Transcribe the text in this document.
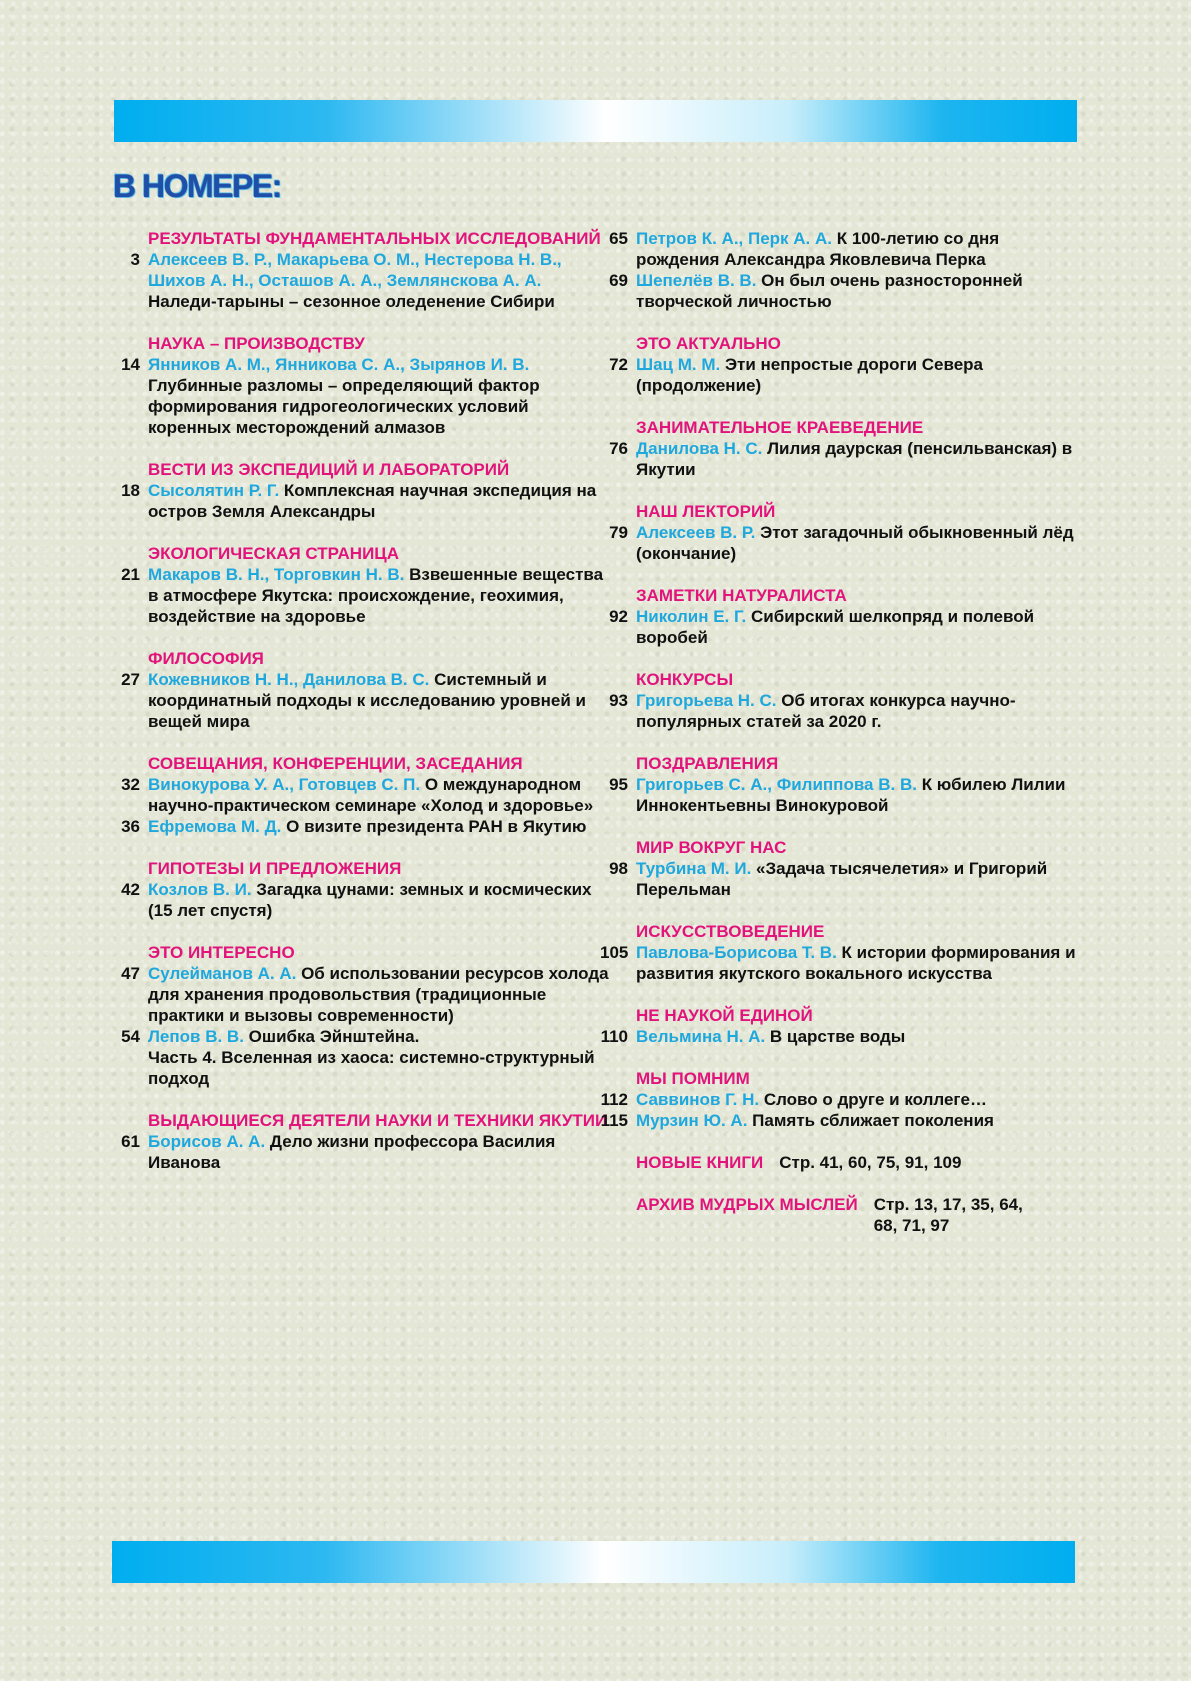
В НОМЕРЕ:
РЕЗУЛЬТАТЫ ФУНДАМЕНТАЛЬНЫХ ИССЛЕДОВАНИЙ
3 Алексеев В. Р., Макарьева О. М., Нестерова Н. В., Шихов А. Н., Осташов А. А., Землянскова А. А. Наледи-тарыны – сезонное оледенение Сибири
НАУКА – ПРОИЗВОДСТВУ
14 Янников А. М., Янникова С. А., Зырянов И. В. Глубинные разломы – определяющий фактор формирования гидрогеологических условий коренных месторождений алмазов
ВЕСТИ ИЗ ЭКСПЕДИЦИЙ И ЛАБОРАТОРИЙ
18 Сысолятин Р. Г. Комплексная научная экспедиция на остров Земля Александры
ЭКОЛОГИЧЕСКАЯ СТРАНИЦА
21 Макаров В. Н., Торговкин Н. В. Взвешенные вещества в атмосфере Якутска: происхождение, геохимия, воздействие на здоровье
ФИЛОСОФИЯ
27 Кожевников Н. Н., Данилова В. С. Системный и координатный подходы к исследованию уровней и вещей мира
СОВЕЩАНИЯ, КОНФЕРЕНЦИИ, ЗАСЕДАНИЯ
32 Винокурова У. А., Готовцев С. П. О международном научно-практическом семинаре «Холод и здоровье»
36 Ефремова М. Д. О визите президента РАН в Якутию
ГИПОТЕЗЫ И ПРЕДЛОЖЕНИЯ
42 Козлов В. И. Загадка цунами: земных и космических (15 лет спустя)
ЭТО ИНТЕРЕСНО
47 Сулейманов А. А. Об использовании ресурсов холода для хранения продовольствия (традиционные практики и вызовы современности)
54 Лепов В. В. Ошибка Эйнштейна.
Часть 4. Вселенная из хаоса: системно-структурный подход
ВЫДАЮЩИЕСЯ ДЕЯТЕЛИ НАУКИ И ТЕХНИКИ ЯКУТИИ
61 Борисов А. А. Дело жизни профессора Василия Иванова
65 Петров К. А., Перк А. А. К 100-летию со дня рождения Александра Яковлевича Перка
69 Шепелёв В. В. Он был очень разносторонней творческой личностью
ЭТО АКТУАЛЬНО
72 Шац М. М. Эти непростые дороги Севера (продолжение)
ЗАНИМАТЕЛЬНОЕ КРАЕВЕДЕНИЕ
76 Данилова Н. С. Лилия даурская (пенсильванская) в Якутии
НАШ ЛЕКТОРИЙ
79 Алексеев В. Р. Этот загадочный обыкновенный лёд (окончание)
ЗАМЕТКИ НАТУРАЛИСТА
92 Николин Е. Г. Сибирский шелкопряд и полевой воробей
КОНКУРСЫ
93 Григорьева Н. С. Об итогах конкурса научно-популярных статей за 2020 г.
ПОЗДРАВЛЕНИЯ
95 Григорьев С. А., Филиппова В. В. К юбилею Лилии Иннокентьевны Винокуровой
МИР ВОКРУГ НАС
98 Турбина М. И. «Задача тысячелетия» и Григорий Перельман
ИСКУССТВОВЕДЕНИЕ
105 Павлова-Борисова Т. В. К истории формирования и развития якутского вокального искусства
НЕ НАУКОЙ ЕДИНОЙ
110 Вельмина Н. А. В царстве воды
МЫ ПОМНИМ
112 Саввинов Г. Н. Слово о друге и коллеге…
115 Мурзин Ю. А. Память сближает поколения
НОВЫЕ КНИГИ Стр. 41, 60, 75, 91, 109
АРХИВ МУДРЫХ МЫСЛЕЙ Стр. 13, 17, 35, 64,
68, 71, 97
